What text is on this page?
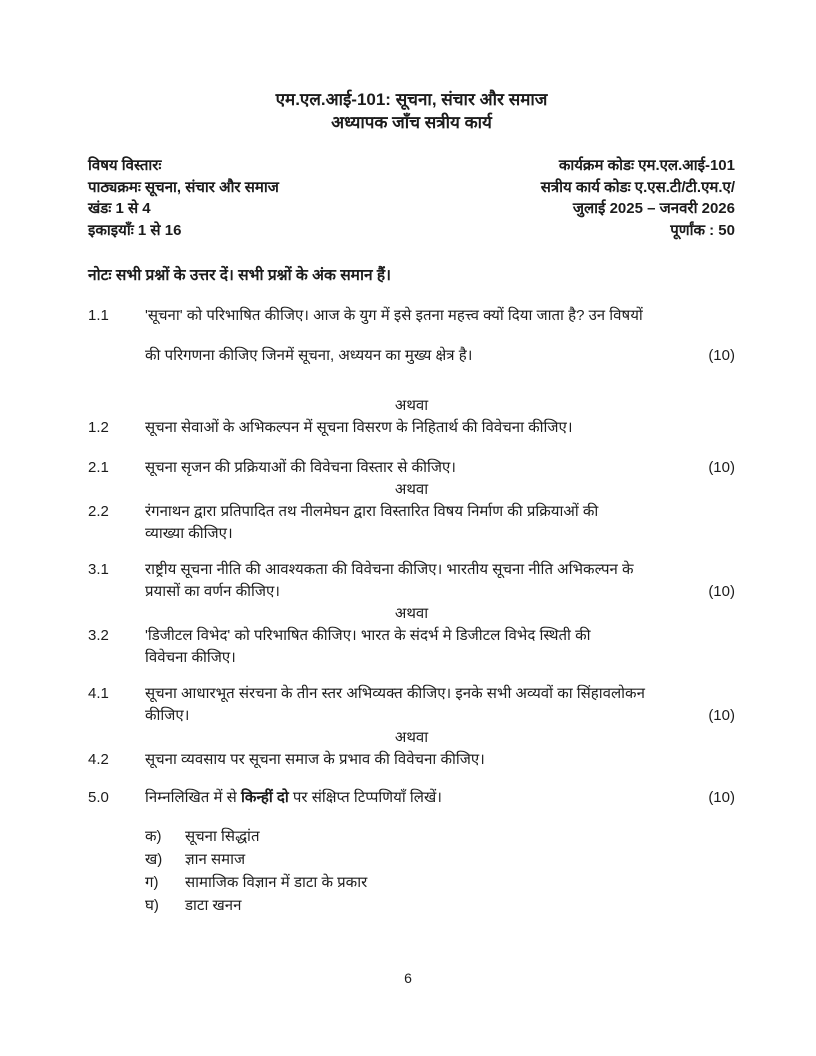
एम.एल.आई-101: सूचना, संचार और समाज
अध्यापक जाँच सत्रीय कार्य
विषय विस्तारः
पाठ्यक्रमः सूचना, संचार और समाज
खंडः 1 से 4
इकाइयाँः 1 से 16
कार्यक्रम कोडः एम.एल.आई-101
सत्रीय कार्य कोडः ए.एस.टी/टी.एम.ए/
जुलाई 2025 – जनवरी 2026
पूर्णांक : 50
नोटः सभी प्रश्नों के उत्तर दें। सभी प्रश्नों के अंक समान हैं।
1.1	'सूचना' को परिभाषित कीजिए। आज के युग में इसे इतना महत्त्व क्यों दिया जाता है? उन विषयों
की परिगणना कीजिए जिनमें सूचना, अध्ययन का मुख्य क्षेत्र है।	(10)
अथवा
1.2	सूचना सेवाओं के अभिकल्पन में सूचना विसरण के निहितार्थ की विवेचना कीजिए।
2.1	सूचना सृजन की प्रक्रियाओं की विवेचना विस्तार से कीजिए।	(10)
अथवा
2.2	रंगनाथन द्वारा प्रतिपादित तथ नीलमेघन द्वारा विस्तारित विषय निर्माण की प्रक्रियाओं की
व्याख्या कीजिए।
3.1	राष्ट्रीय सूचना नीति की आवश्यकता की विवेचना कीजिए। भारतीय सूचना नीति अभिकल्पन के
प्रयासों का वर्णन कीजिए।	(10)
अथवा
3.2	'डिजीटल विभेद' को परिभाषित कीजिए। भारत के संदर्भ मे डिजीटल विभेद स्थिती की
विवेचना कीजिए।
4.1	सूचना आधारभूत संरचना के तीन स्तर अभिव्यक्त कीजिए। इनके सभी अव्यवों का सिंहावलोकन
कीजिए।	(10)
अथवा
4.2	सूचना व्यवसाय पर सूचना समाज के प्रभाव की विवेचना कीजिए।
5.0	निम्नलिखित में से किन्हीं दो पर संक्षिप्त टिप्पणियाँ लिखें।	(10)
क)	सूचना सिद्धांत
ख)	ज्ञान समाज
ग)	सामाजिक विज्ञान में डाटा के प्रकार
घ)	डाटा खनन
6
